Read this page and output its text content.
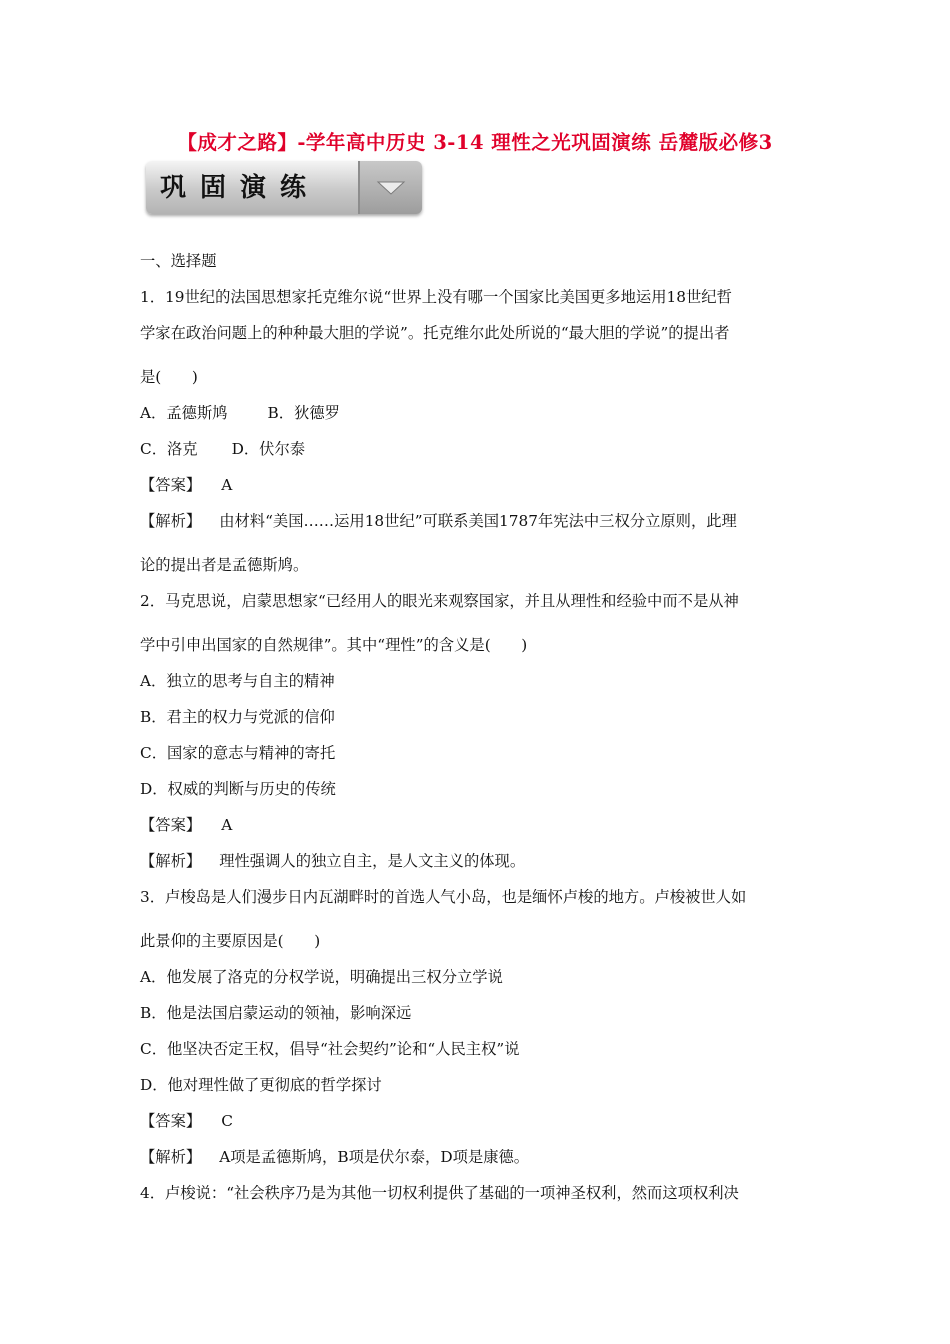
【成才之路】-学年高中历史 3-14 理性之光巩固演练 岳麓版必修3
巩固演练
一、选择题
1．19世纪的法国思想家托克维尔说“世界上没有哪一个国家比美国更多地运用18世纪哲
学家在政治问题上的种种最大胆的学说”。托克维尔此处所说的“最大胆的学说”的提出者
是(　　)
A．孟德斯鸠	B．狄德罗
C．洛克 D．伏尔泰
【答案】 A
【解析】 由材料“美国……运用18世纪”可联系美国1787年宪法中三权分立原则，此理
论的提出者是孟德斯鸠。
2．马克思说，启蒙思想家“已经用人的眼光来观察国家，并且从理性和经验中而不是从神
学中引申出国家的自然规律”。其中“理性”的含义是(　　)
A．独立的思考与自主的精神
B．君主的权力与党派的信仰
C．国家的意志与精神的寄托
D．权威的判断与历史的传统
【答案】 A
【解析】 理性强调人的独立自主，是人文主义的体现。
3．卢梭岛是人们漫步日内瓦湖畔时的首选人气小岛，也是缅怀卢梭的地方。卢梭被世人如
此景仰的主要原因是(　　)
A．他发展了洛克的分权学说，明确提出三权分立学说
B．他是法国启蒙运动的领袖，影响深远
C．他坚决否定王权，倡导“社会契约”论和“人民主权”说
D．他对理性做了更彻底的哲学探讨
【答案】 C
【解析】 A项是孟德斯鸠，B项是伏尔泰，D项是康德。
4．卢梭说：“社会秩序乃是为其他一切权利提供了基础的一项神圣权利，然而这项权利决
